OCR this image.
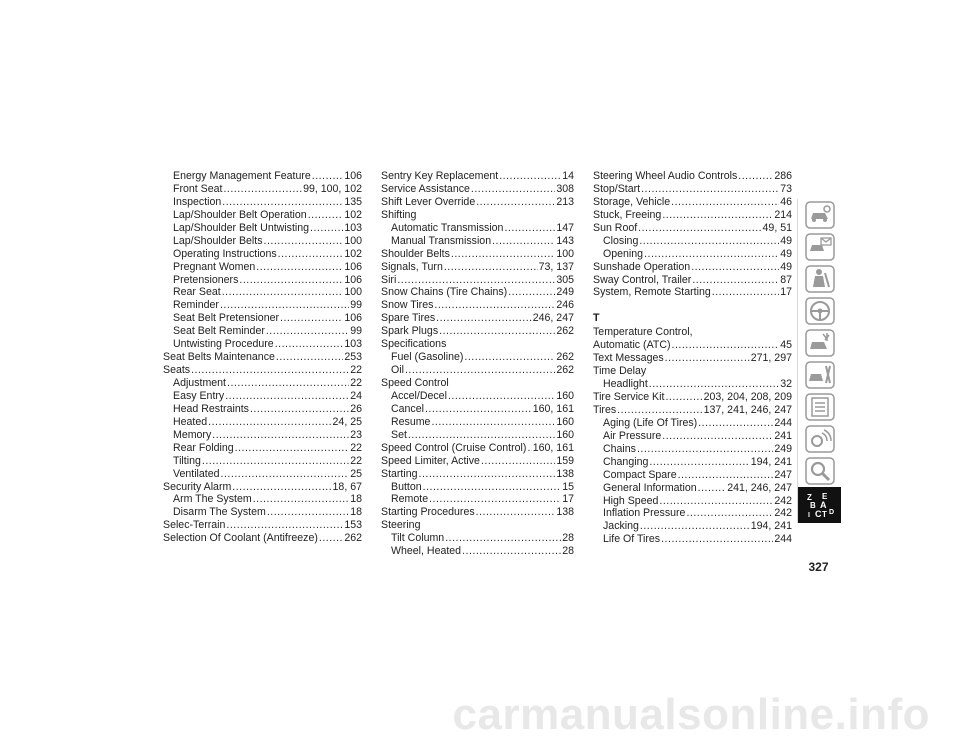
Energy Management Feature .....	106
Front Seat .....	99, 100, 102
Inspection .....	135
Lap/Shoulder Belt Operation .....	102
Lap/Shoulder Belt Untwisting .....	103
Lap/Shoulder Belts .....	100
Operating Instructions .....	102
Pregnant Women .....	106
Pretensioners .....	106
Rear Seat .....	100
Reminder .....	99
Seat Belt Pretensioner .....	106
Seat Belt Reminder .....	99
Untwisting Procedure .....	103
Seat Belts Maintenance .....	253
Seats .....	22
Adjustment .....	22
Easy Entry .....	24
Head Restraints .....	26
Heated .....	24, 25
Memory .....	23
Rear Folding .....	22
Tilting .....	22
Ventilated .....	25
Security Alarm .....	18, 67
Arm The System .....	18
Disarm The System .....	18
Selec-Terrain .....	153
Selection Of Coolant (Antifreeze) ..... 262
Sentry Key Replacement .....	14
Service Assistance .....	308
Shift Lever Override .....	213
Shifting
Automatic Transmission .....	147
Manual Transmission .....	143
Shoulder Belts .....	100
Signals, Turn .....	73, 137
Siri .....	305
Snow Chains (Tire Chains) .....	249
Snow Tires .....	246
Spare Tires .....	246, 247
Spark Plugs .....	262
Specifications
Fuel (Gasoline) .....	262
Oil .....	262
Speed Control
Accel/Decel .....	160
Cancel .....	160, 161
Resume .....	160
Set .....	160
Speed Control (Cruise Control) ..... 160, 161
Speed Limiter, Active .....	159
Starting .....	138
Button .....	15
Remote .....	17
Starting Procedures .....	138
Steering
Tilt Column .....	28
Wheel, Heated .....	28
Steering Wheel Audio Controls .....	286
Stop/Start .....	73
Storage, Vehicle .....	46
Stuck, Freeing .....	214
Sun Roof .....	49, 51
Closing .....	49
Opening .....	49
Sunshade Operation .....	49
Sway Control, Trailer .....	87
System, Remote Starting .....	17
T
Temperature Control,
Automatic (ATC) .....	45
Text Messages .....	271, 297
Time Delay
Headlight .....	32
Tire Service Kit .....	203, 204, 208, 209
Tires .....	137, 241, 246, 247
Aging (Life Of Tires) .....	244
Air Pressure .....	241
Chains .....	249
Changing .....	194, 241
Compact Spare .....	247
General Information .....	241, 246, 247
High Speed .....	242
Inflation Pressure .....	242
Jacking .....	194, 241
Life Of Tires .....	244
Z E
B A
I C T D
327
carmanualsonline.info
